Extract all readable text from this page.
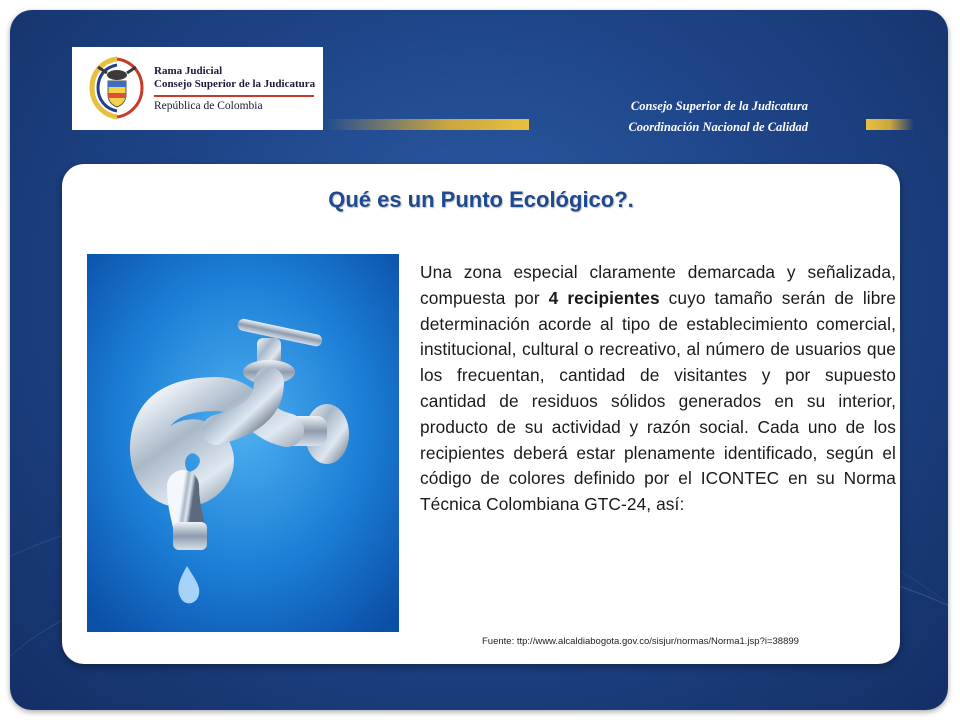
Rama Judicial
Consejo Superior de la Judicatura
República de Colombia	Consejo Superior de la Judicatura
Coordinación Nacional de Calidad
Qué es un Punto Ecológico?.
Una zona especial claramente demarcada y señalizada, compuesta por 4 recipientes cuyo tamaño serán de libre determinación acorde al tipo de establecimiento comercial, institucional, cultural o recreativo, al número de usuarios que los frecuentan, cantidad de visitantes y por supuesto cantidad de residuos sólidos generados en su interior, producto de su actividad y razón social. Cada uno de los recipientes deberá estar plenamente identificado, según el código de colores definido por el ICONTEC en su Norma Técnica Colombiana GTC-24, así:
Fuente: ttp://www.alcaldiabogota.gov.co/sisjur/normas/Norma1.jsp?i=38899
